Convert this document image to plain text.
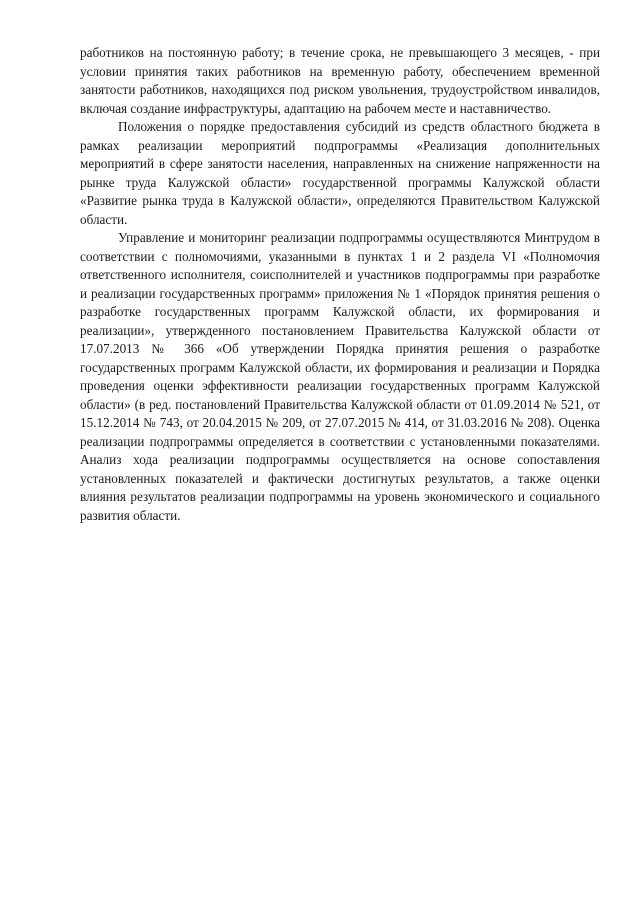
работников на постоянную работу; в течение срока, не превышающего 3 месяцев, - при условии принятия таких работников на временную работу, обеспечением временной занятости работников, находящихся под риском увольнения, трудоустройством инвалидов, включая создание инфраструктуры, адаптацию на рабочем месте и наставничество.

Положения о порядке предоставления субсидий из средств областного бюджета в рамках реализации мероприятий подпрограммы «Реализация дополнительных мероприятий в сфере занятости населения, направленных на снижение напряженности на рынке труда Калужской области» государственной программы Калужской области «Развитие рынка труда в Калужской области», определяются Правительством Калужской области.

Управление и мониторинг реализации подпрограммы осуществляются Минтрудом в соответствии с полномочиями, указанными в пунктах 1 и 2 раздела VI «Полномочия ответственного исполнителя, соисполнителей и участников подпрограммы при разработке и реализации государственных программ» приложения № 1 «Порядок принятия решения о разработке государственных программ Калужской области, их формирования и реализации», утвержденного постановлением Правительства Калужской области от 17.07.2013 № 366 «Об утверждении Порядка принятия решения о разработке государственных программ Калужской области, их формирования и реализации и Порядка проведения оценки эффективности реализации государственных программ Калужской области» (в ред. постановлений Правительства Калужской области от 01.09.2014 № 521, от 15.12.2014 № 743, от 20.04.2015 № 209, от 27.07.2015 № 414, от 31.03.2016 № 208). Оценка реализации подпрограммы определяется в соответствии с установленными показателями. Анализ хода реализации подпрограммы осуществляется на основе сопоставления установленных показателей и фактически достигнутых результатов, а также оценки влияния результатов реализации подпрограммы на уровень экономического и социального развития области.
